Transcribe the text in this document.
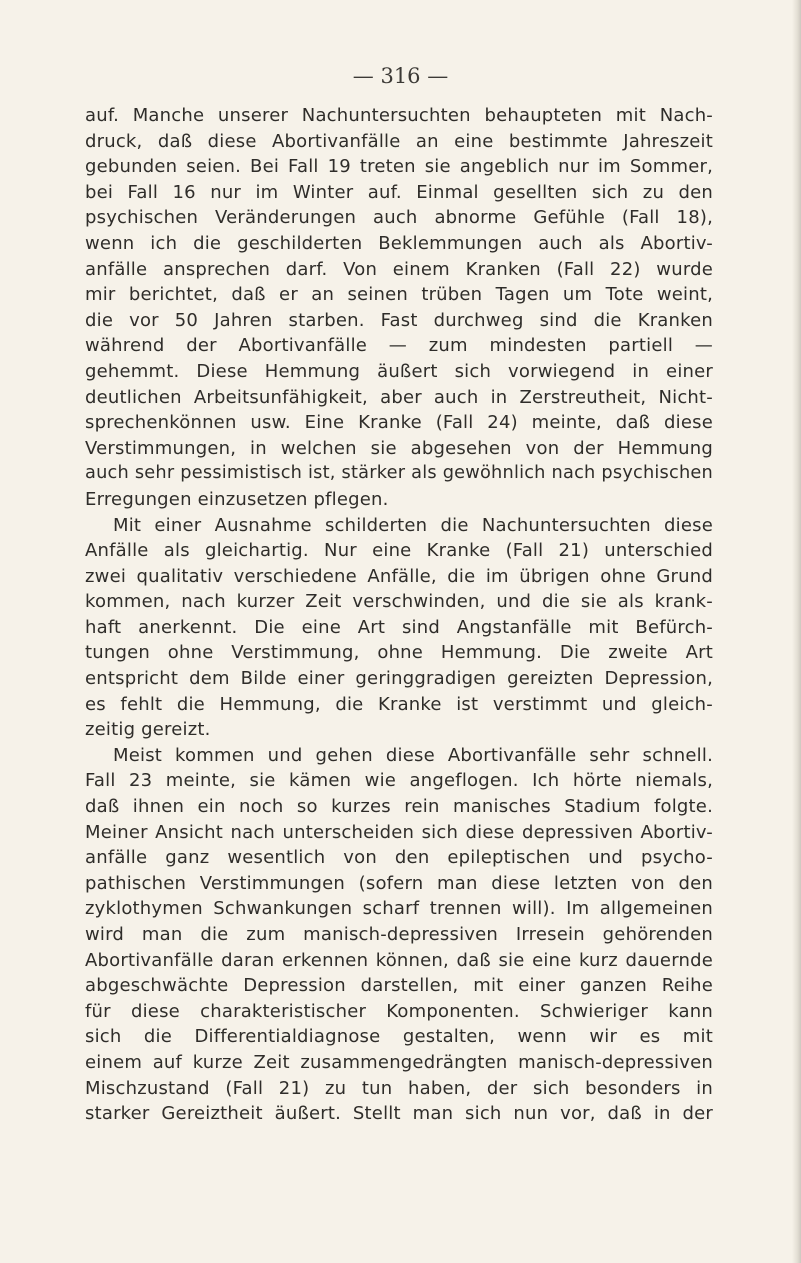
— 316 —
auf. Manche unserer Nachuntersuchten behaupteten mit Nach-
druck, daß diese Abortivanfälle an eine bestimmte Jahreszeit
gebunden seien. Bei Fall 19 treten sie angeblich nur im Sommer,
bei Fall 16 nur im Winter auf. Einmal gesellten sich zu den
psychischen Veränderungen auch abnorme Gefühle (Fall 18),
wenn ich die geschilderten Beklemmungen auch als Abortiv-
anfälle ansprechen darf. Von einem Kranken (Fall 22) wurde
mir berichtet, daß er an seinen trüben Tagen um Tote weint,
die vor 50 Jahren starben. Fast durchweg sind die Kranken
während der Abortivanfälle — zum mindesten partiell —
gehemmt. Diese Hemmung äußert sich vorwiegend in einer
deutlichen Arbeitsunfähigkeit, aber auch in Zerstreutheit, Nicht-
sprechenkönnen usw. Eine Kranke (Fall 24) meinte, daß diese
Verstimmungen, in welchen sie abgesehen von der Hemmung
auch sehr pessimistisch ist, stärker als gewöhnlich nach psychischen
Erregungen einzusetzen pflegen.
Mit einer Ausnahme schilderten die Nachuntersuchten diese
Anfälle als gleichartig. Nur eine Kranke (Fall 21) unterschied
zwei qualitativ verschiedene Anfälle, die im übrigen ohne Grund
kommen, nach kurzer Zeit verschwinden, und die sie als krank-
haft anerkennt. Die eine Art sind Angstanfälle mit Befürch-
tungen ohne Verstimmung, ohne Hemmung. Die zweite Art
entspricht dem Bilde einer geringgradigen gereizten Depression,
es fehlt die Hemmung, die Kranke ist verstimmt und gleich-
zeitig gereizt.
Meist kommen und gehen diese Abortivanfälle sehr schnell.
Fall 23 meinte, sie kämen wie angeflogen. Ich hörte niemals,
daß ihnen ein noch so kurzes rein manisches Stadium folgte.
Meiner Ansicht nach unterscheiden sich diese depressiven Abortiv-
anfälle ganz wesentlich von den epileptischen und psycho-
pathischen Verstimmungen (sofern man diese letzten von den
zyklothymen Schwankungen scharf trennen will). Im allgemeinen
wird man die zum manisch-depressiven Irresein gehörenden
Abortivanfälle daran erkennen können, daß sie eine kurz dauernde
abgeschwächte Depression darstellen, mit einer ganzen Reihe
für diese charakteristischer Komponenten. Schwieriger kann
sich die Differentialdiagnose gestalten, wenn wir es mit
einem auf kurze Zeit zusammengedrängten manisch-depressiven
Mischzustand (Fall 21) zu tun haben, der sich besonders in
starker Gereiztheit äußert. Stellt man sich nun vor, daß in der
